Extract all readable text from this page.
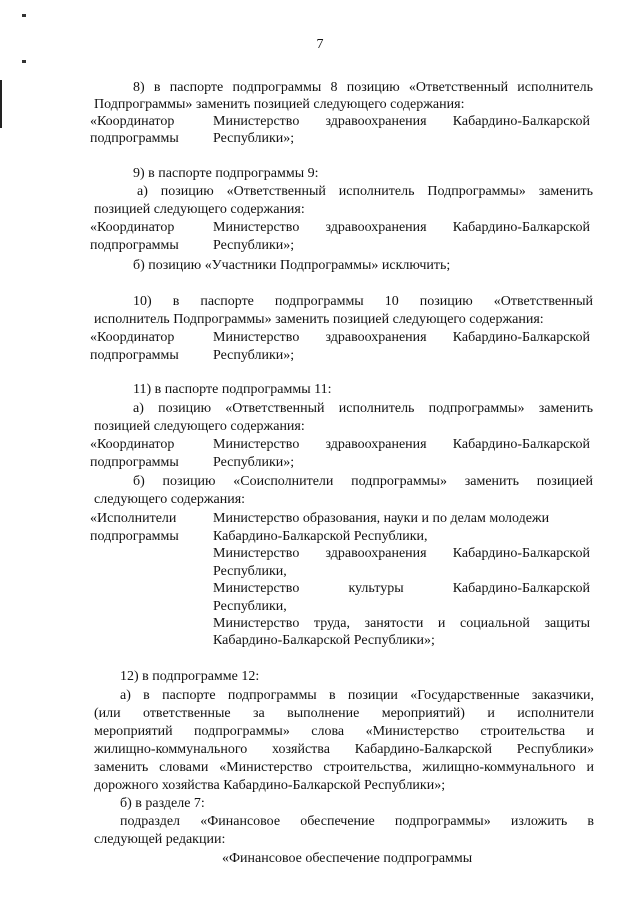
7
8) в паспорте подпрограммы 8 позицию «Ответственный исполнитель
Подпрограммы» заменить позицией следующего содержания:
«Координатор	Министерство здравоохранения Кабардино-Балкарской
подпрограммы Республики»;
9) в паспорте подпрограммы 9:
а) позицию «Ответственный исполнитель Подпрограммы» заменить
позицией следующего содержания:
«Координатор	Министерство здравоохранения Кабардино-Балкарской
подпрограммы Республики»;
б) позицию «Участники Подпрограммы» исключить;
10) в паспорте подпрограммы 10 позицию «Ответственный
исполнитель Подпрограммы» заменить позицией следующего содержания:
«Координатор	Министерство здравоохранения Кабардино-Балкарской
подпрограммы Республики»;
11) в паспорте подпрограммы 11:
а) позицию «Ответственный исполнитель подпрограммы» заменить
позицией следующего содержания:
«Координатор	Министерство здравоохранения Кабардино-Балкарской
подпрограммы Республики»;
б) позицию «Соисполнители подпрограммы» заменить позицией
следующего содержания:
«Исполнители	Министерство образования, науки и по делам молодежи
подпрограммы Кабардино-Балкарской Республики,
Министерство здравоохранения Кабардино-Балкарской
Республики,
Министерство культуры Кабардино-Балкарской
Республики,
Министерство труда, занятости и социальной защиты
Кабардино-Балкарской Республики»;
12) в подпрограмме 12:
а) в паспорте подпрограммы в позиции «Государственные заказчики,
(или ответственные за выполнение мероприятий) и исполнители
мероприятий подпрограммы» слова «Министерство строительства и
жилищно-коммунального хозяйства Кабардино-Балкарской Республики»
заменить словами «Министерство строительства, жилищно-коммунального и
дорожного хозяйства Кабардино-Балкарской Республики»;
б) в разделе 7:
подраздел «Финансовое обеспечение подпрограммы» изложить в
следующей редакции:
«Финансовое обеспечение подпрограммы
